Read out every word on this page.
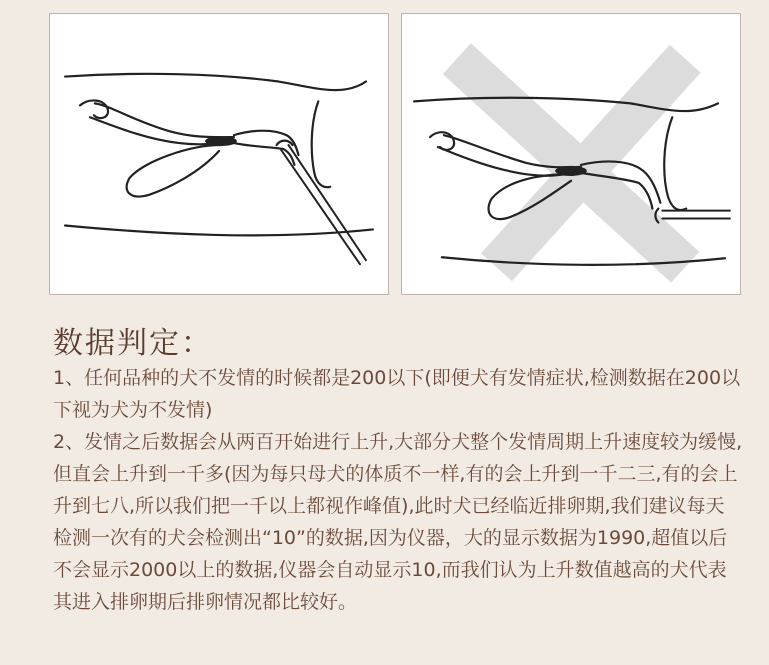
数据判定：

1、任何品种的犬不发情的时候都是200以下(即便犬有发情症状,检测数据在200以下视为犬为不发情)

2、发情之后数据会从两百开始进行上升,大部分犬整个发情周期上升速度较为缓慢,但直会上升到一千多(因为每只母犬的体质不一样,有的会上升到一千二三,有的会上升到七八,所以我们把一千以上都视作峰值),此时犬已经临近排卵期,我们建议每天检测一次有的犬会检测出“10”的数据,因为仪器，大的显示数据为1990,超值以后不会显示2000以上的数据,仪器会自动显示10,而我们认为上升数值越高的犬代表其进入排卵期后排卵情况都比较好。
